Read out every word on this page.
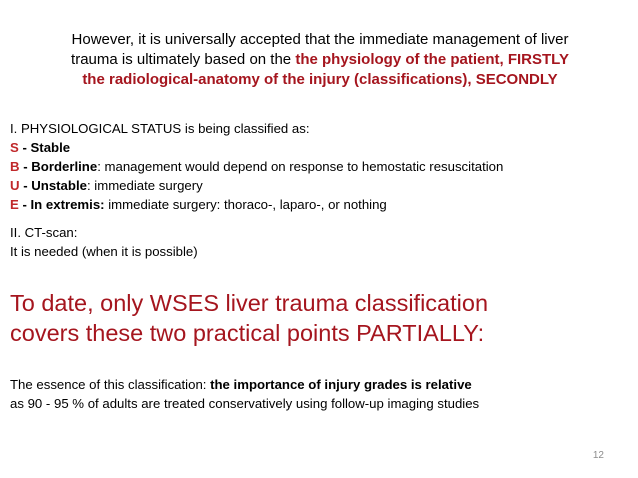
However, it is universally accepted that the immediate management of liver
trauma is ultimately based on the the physiology of the patient, FIRSTLY
the radiological-anatomy of the injury (classifications), SECONDLY
I. PHYSIOLOGICAL STATUS is being classified as:
S - Stable
B - Borderline: management would depend on response to hemostatic resuscitation
U - Unstable: immediate surgery
E - In extremis: immediate surgery: thoraco-, laparo-, or nothing
II. CT-scan:
It is needed (when it is possible)
To date, only WSES liver trauma classification
covers these two practical points PARTIALLY:
The essence of this classification: the importance of injury grades is relative
as 90 - 95 % of adults are treated conservatively using follow-up imaging studies
12
